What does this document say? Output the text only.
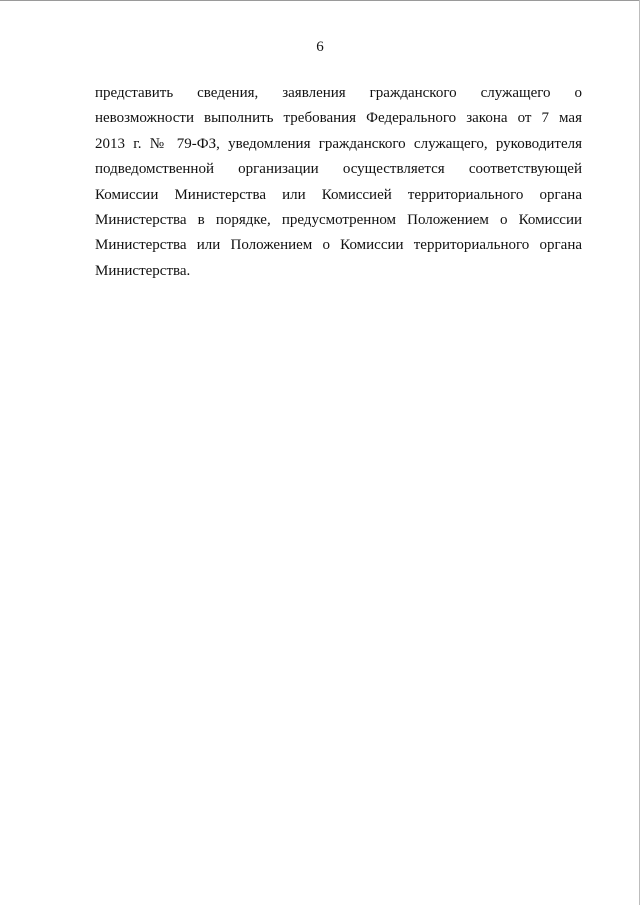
6
представить сведения, заявления гражданского служащего о
невозможности выполнить требования Федерального закона от 7 мая
2013 г. № 79-ФЗ, уведомления гражданского служащего, руководителя
подведомственной организации осуществляется соответствующей
Комиссии Министерства или Комиссией территориального органа
Министерства в порядке, предусмотренном Положением о Комиссии
Министерства или Положением о Комиссии территориального органа
Министерства.
